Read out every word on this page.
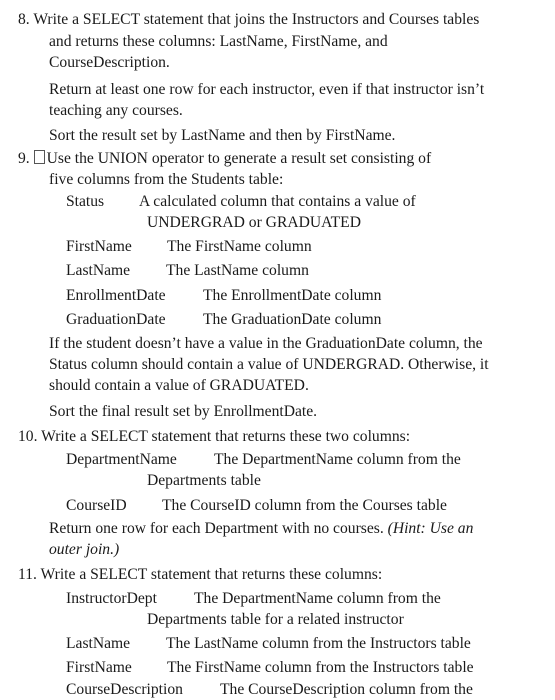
8. Write a SELECT statement that joins the Instructors and Courses tables
and returns these columns: LastName, FirstName, and
CourseDescription.
Return at least one row for each instructor, even if that instructor isn’t
teaching any courses.
Sort the result set by LastName and then by FirstName.
9. Use the UNION operator to generate a result set consisting of
five columns from the Students table:
Status A calculated column that contains a value of
UNDERGRAD or GRADUATED
FirstName The FirstName column
LastName The LastName column
EnrollmentDate The EnrollmentDate column
GraduationDate The GraduationDate column
If the student doesn’t have a value in the GraduationDate column, the
Status column should contain a value of UNDERGRAD. Otherwise, it
should contain a value of GRADUATED.
Sort the final result set by EnrollmentDate.
10. Write a SELECT statement that returns these two columns:
DepartmentName The DepartmentName column from the
Departments table
CourseID The CourseID column from the Courses table
Return one row for each Department with no courses. (Hint: Use an
outer join.)
11. Write a SELECT statement that returns these columns:
InstructorDept The DepartmentName column from the
Departments table for a related instructor
LastName The LastName column from the Instructors table
FirstName The FirstName column from the Instructors table
CourseDescription The CourseDescription column from the
